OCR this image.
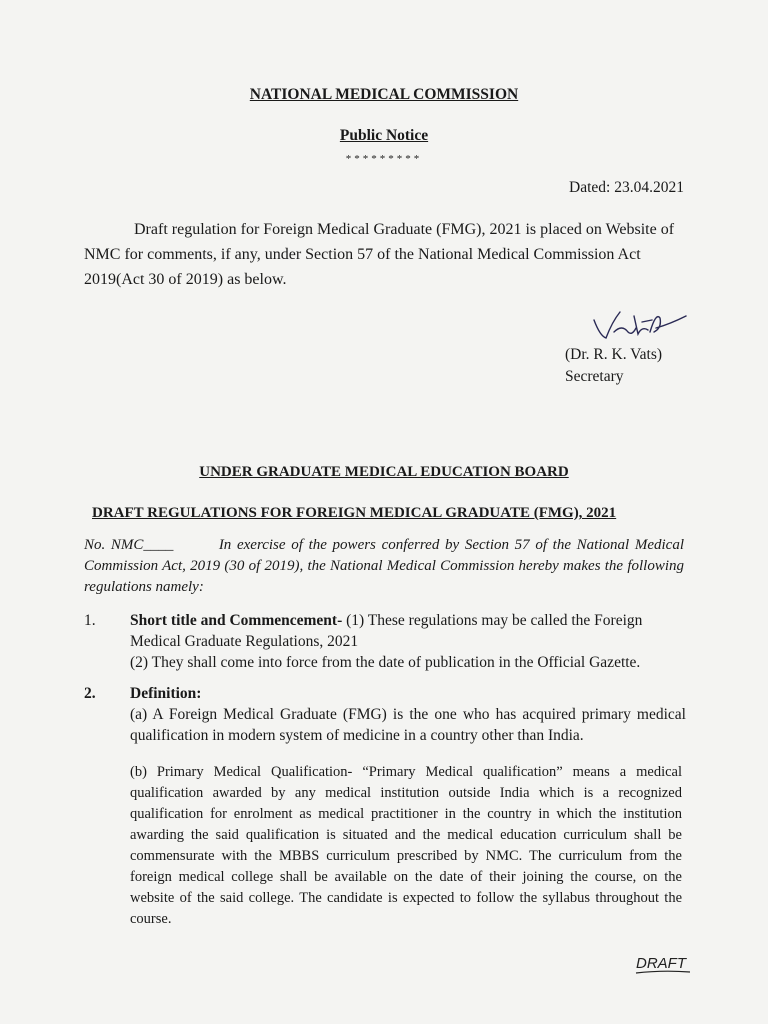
NATIONAL MEDICAL COMMISSION

Public Notice

*********

Dated: 23.04.2021

Draft regulation for Foreign Medical Graduate (FMG), 2021 is placed on Website of NMC for comments, if any, under Section 57 of the National Medical Commission Act 2019(Act 30 of 2019) as below.

(Dr. R. K. Vats)
Secretary

UNDER GRADUATE MEDICAL EDUCATION BOARD

DRAFT REGULATIONS FOR FOREIGN MEDICAL GRADUATE (FMG), 2021

No. NMC____	In exercise of the powers conferred by Section 57 of the National Medical Commission Act, 2019 (30 of 2019), the National Medical Commission hereby makes the following regulations namely:

1. Short title and Commencement- (1) These regulations may be called the Foreign Medical Graduate Regulations, 2021
(2) They shall come into force from the date of publication in the Official Gazette.

2. Definition:

(a) A Foreign Medical Graduate (FMG) is the one who has acquired primary medical qualification in modern system of medicine in a country other than India.

(b) Primary Medical Qualification- “Primary Medical qualification” means a medical qualification awarded by any medical institution outside India which is a recognized qualification for enrolment as medical practitioner in the country in which the institution awarding the said qualification is situated and the medical education curriculum shall be commensurate with the MBBS curriculum prescribed by NMC. The curriculum from the foreign medical college shall be available on the date of their joining the course, on the website of the said college. The candidate is expected to follow the syllabus throughout the course.

DRAFT
